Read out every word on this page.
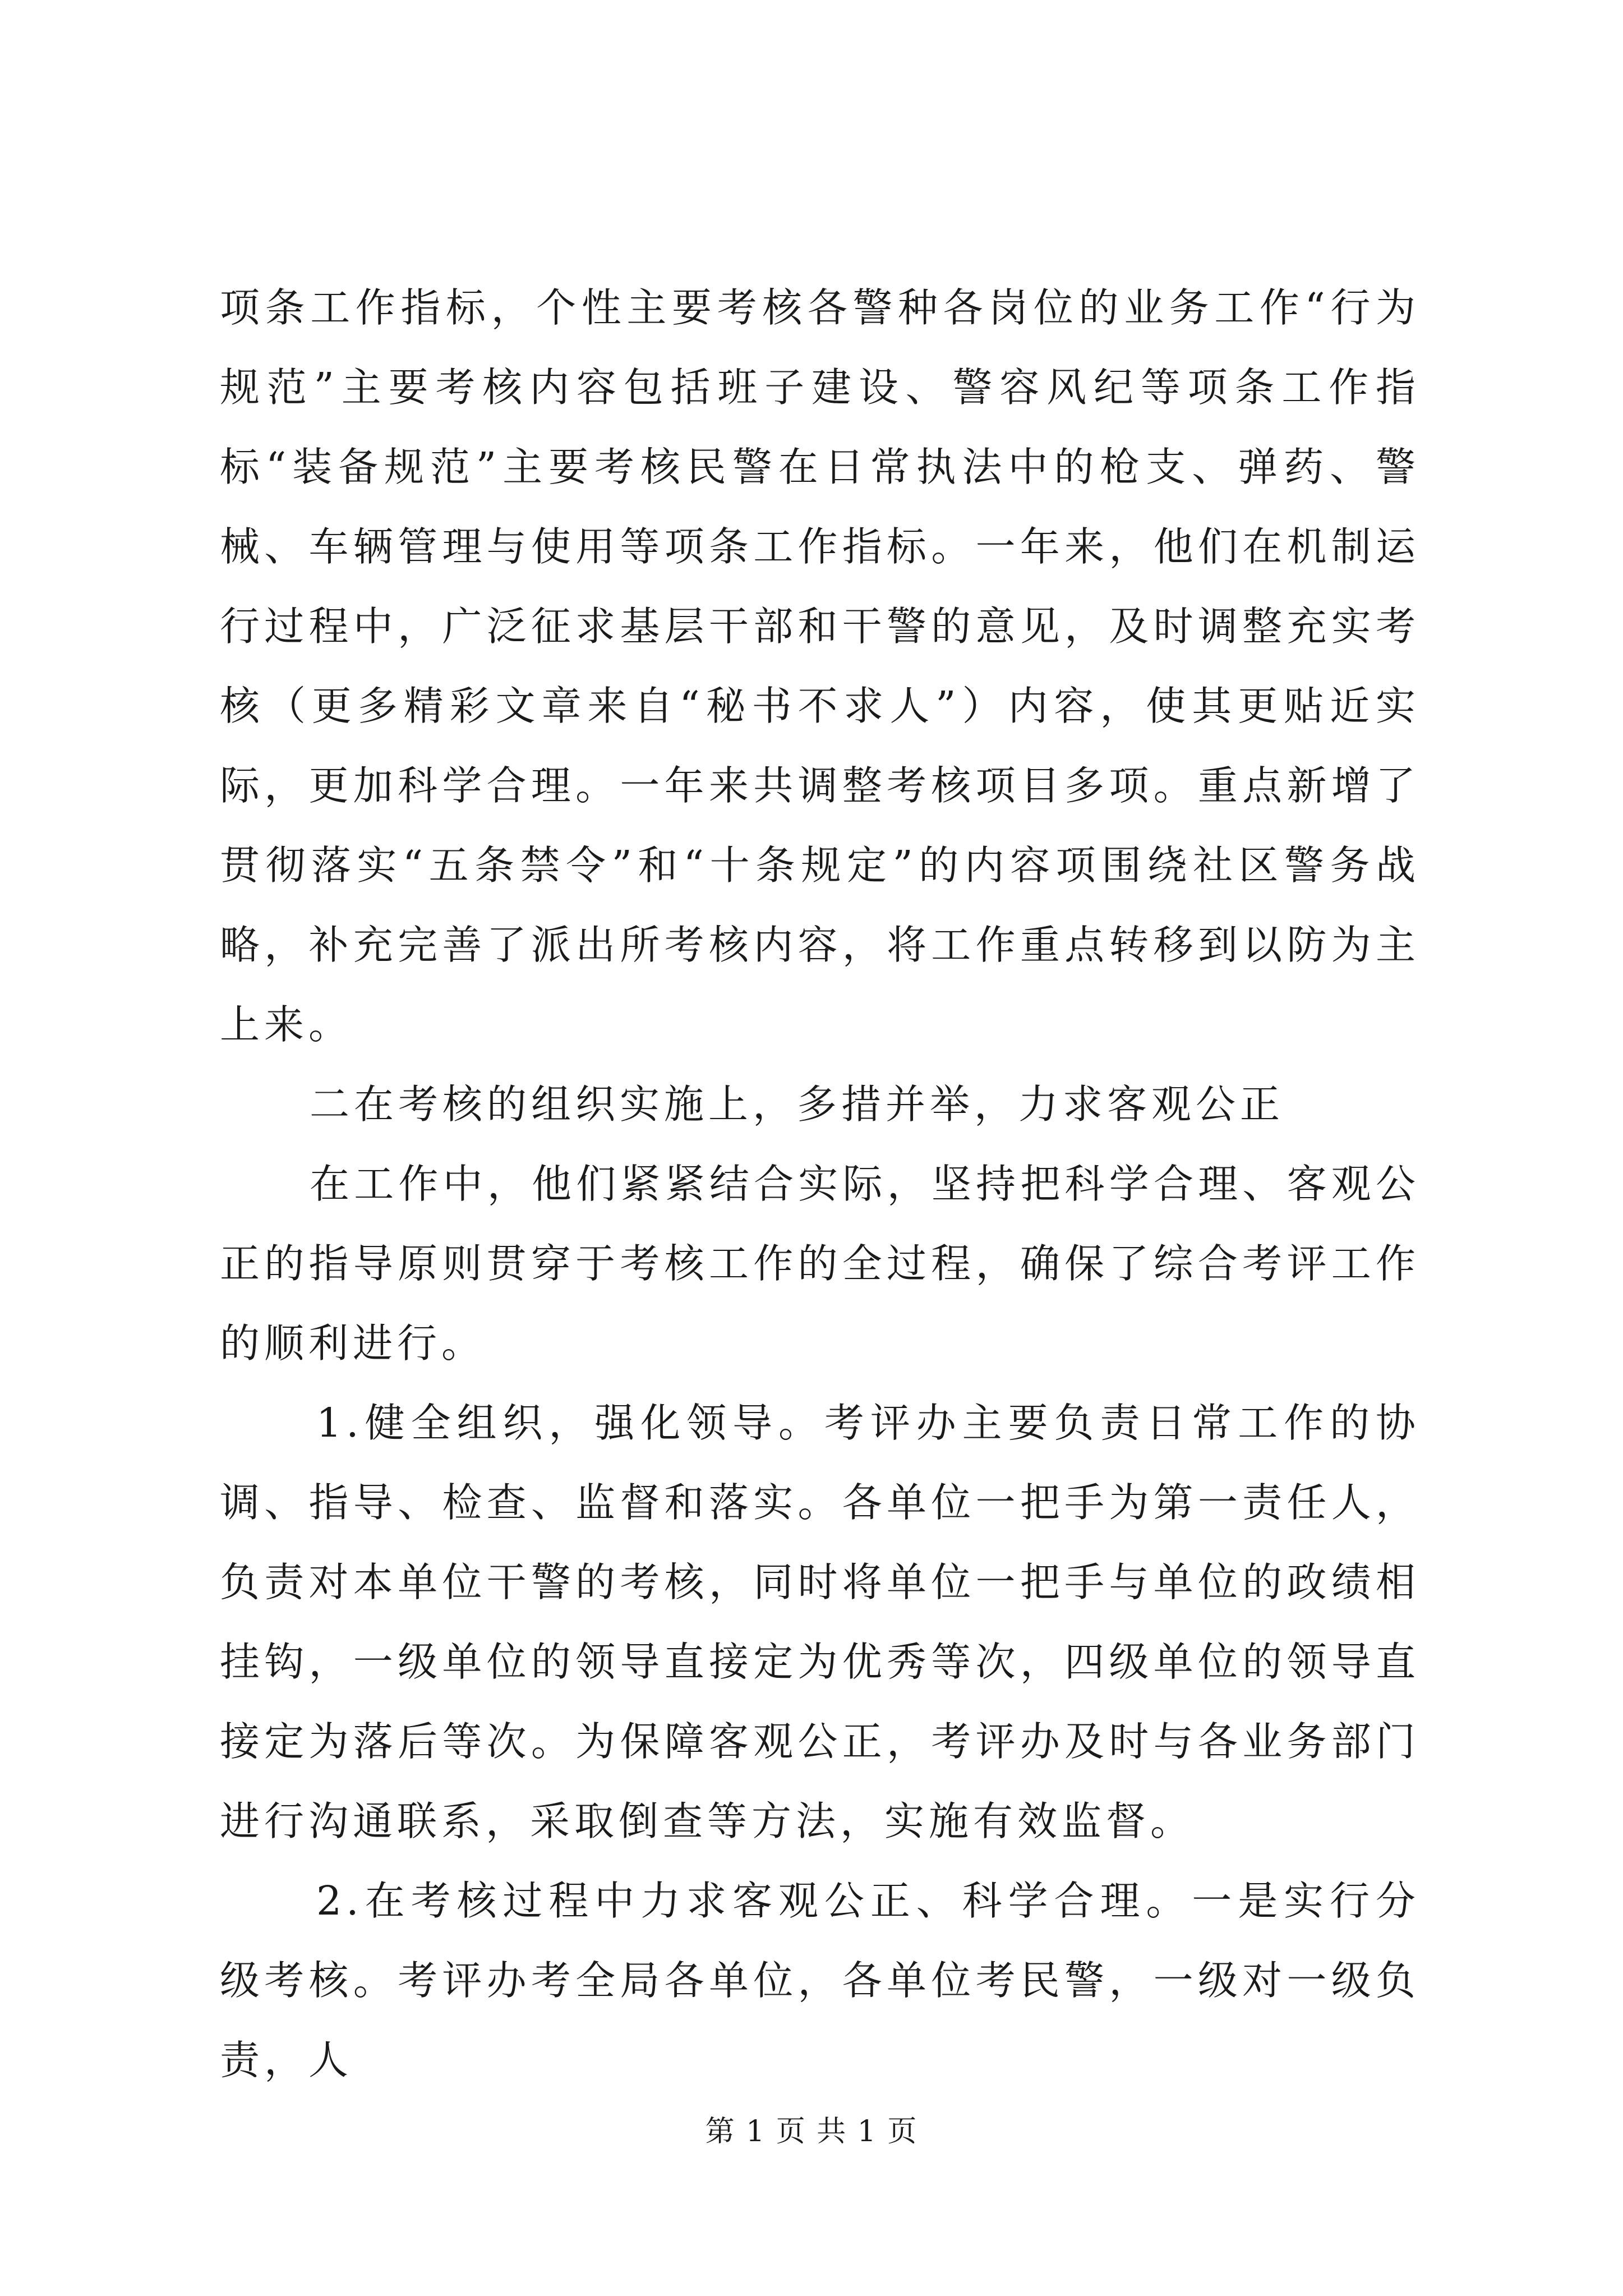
项条工作指标，个性主要考核各警种各岗位的业务工作“行为规范”主要考核内容包括班子建设、警容风纪等项条工作指标“装备规范”主要考核民警在日常执法中的枪支、弹药、警械、车辆管理与使用等项条工作指标。一年来，他们在机制运行过程中，广泛征求基层干部和干警的意见，及时调整充实考核（更多精彩文章来自“秘书不求人”）内容，使其更贴近实际，更加科学合理。一年来共调整考核项目多项。重点新增了贯彻落实“五条禁令”和“十条规定”的内容项围绕社区警务战略，补充完善了派出所考核内容，将工作重点转移到以防为主上来。

二在考核的组织实施上，多措并举，力求客观公正

在工作中，他们紧紧结合实际，坚持把科学合理、客观公正的指导原则贯穿于考核工作的全过程，确保了综合考评工作的顺利进行。

1.健全组织，强化领导。考评办主要负责日常工作的协调、指导、检查、监督和落实。各单位一把手为第一责任人，负责对本单位干警的考核，同时将单位一把手与单位的政绩相挂钩，一级单位的领导直接定为优秀等次，四级单位的领导直接定为落后等次。为保障客观公正，考评办及时与各业务部门进行沟通联系，采取倒查等方法，实施有效监督。

2.在考核过程中力求客观公正、科学合理。一是实行分级考核。考评办考全局各单位，各单位考民警，一级对一级负责，人

第 1 页 共 1 页
